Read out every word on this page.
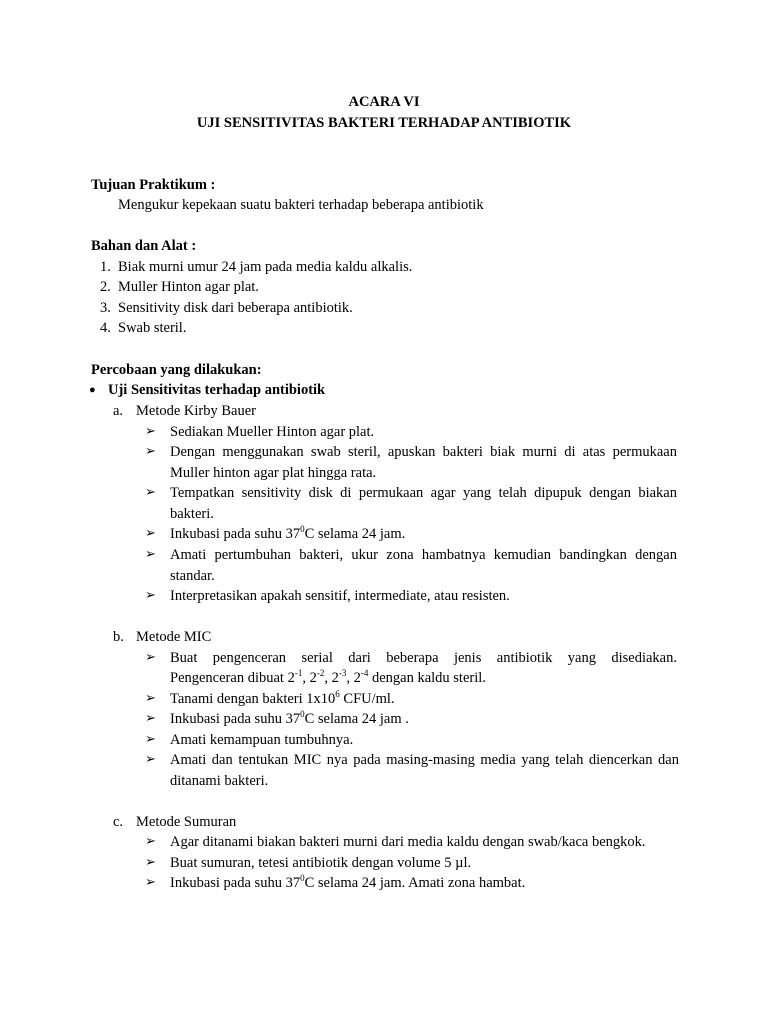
ACARA VI
UJI SENSITIVITAS BAKTERI TERHADAP ANTIBIOTIK
Tujuan Praktikum :
Mengukur kepekaan suatu bakteri terhadap beberapa antibiotik
Bahan dan Alat :
1. Biak murni umur 24 jam pada media kaldu alkalis.
2. Muller Hinton agar plat.
3. Sensitivity disk dari beberapa antibiotik.
4. Swab steril.
Percobaan yang dilakukan:
● Uji Sensitivitas terhadap antibiotik
a. Metode Kirby Bauer
➢ Sediakan Mueller Hinton agar plat.
➢ Dengan menggunakan swab steril, apuskan bakteri biak murni di atas permukaan Muller hinton agar plat hingga rata.
➢ Tempatkan sensitivity disk di permukaan agar yang telah dipupuk dengan biakan bakteri.
➢ Inkubasi pada suhu $37^0C$ selama 24 jam.
➢ Amati pertumbuhan bakteri, ukur zona hambatnya kemudian bandingkan dengan standar.
➢ Interpretasikan apakah sensitif, intermediate, atau resisten.
b. Metode MIC
➢ Buat pengenceran serial dari beberapa jenis antibiotik yang disediakan.
Pengenceran dibuat $2^{-1}$, $2^{-2}$, $2^{-3}$, $2^{-4}$ dengan kaldu steril.
➢ Tanami dengan bakteri $1x10^6$ CFU/ml.
➢ Inkubasi pada suhu $37^0C$ selama 24 jam .
➢ Amati kemampuan tumbuhnya.
➢ Amati dan tentukan MIC nya pada masing-masing media yang telah diencerkan dan ditanami bakteri.
c. Metode Sumuran
➢ Agar ditanami biakan bakteri murni dari media kaldu dengan swab/kaca bengkok.
➢ Buat sumuran, tetesi antibiotik dengan volume 5 µl.
➢ Inkubasi pada suhu $37^0C$ selama 24 jam. Amati zona hambat.
